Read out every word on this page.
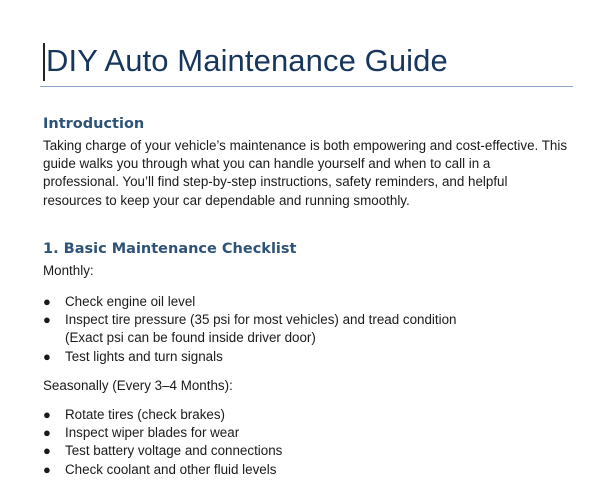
DIY Auto Maintenance Guide
Introduction
Taking charge of your vehicle’s maintenance is both empowering and cost-effective. This
guide walks you through what you can handle yourself and when to call in a
professional. You’ll find step-by-step instructions, safety reminders, and helpful
resources to keep your car dependable and running smoothly.
1. Basic Maintenance Checklist
Monthly:
●	Check engine oil level
●	Inspect tire pressure (35 psi for most vehicles) and tread condition
(Exact psi can be found inside driver door)
●	Test lights and turn signals
Seasonally (Every 3–4 Months):
●	Rotate tires (check brakes)
●	Inspect wiper blades for wear
●	Test battery voltage and connections
●	Check coolant and other fluid levels
